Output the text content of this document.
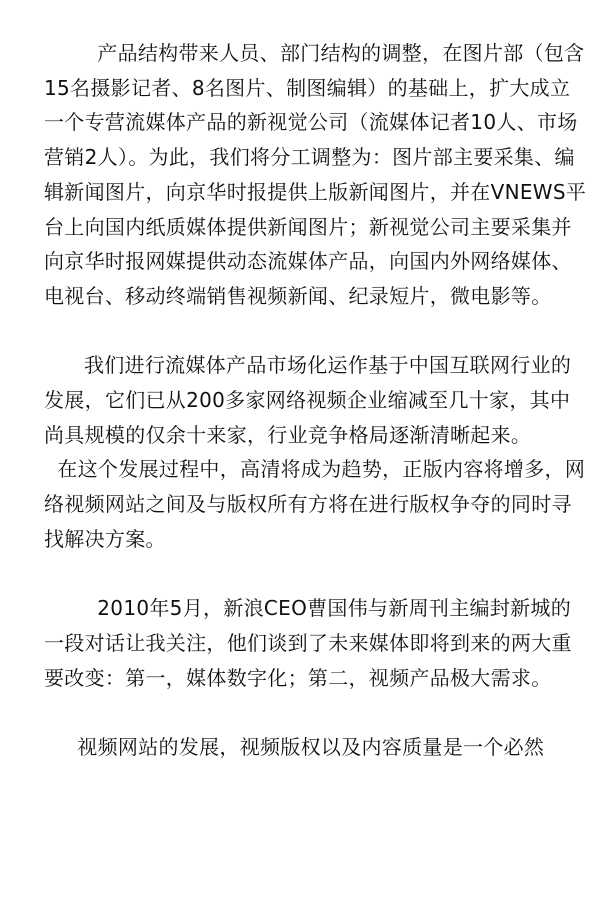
产品结构带来人员、部门结构的调整，在图片部（包含15名摄影记者、8名图片、制图编辑）的基础上，扩大成立一个专营流媒体产品的新视觉公司（流媒体记者10人、市场营销2人）。为此，我们将分工调整为：图片部主要采集、编辑新闻图片，向京华时报提供上版新闻图片，并在VNEWS平台上向国内纸质媒体提供新闻图片；新视觉公司主要采集并向京华时报网媒提供动态流媒体产品，向国内外网络媒体、电视台、移动终端销售视频新闻、纪录短片，微电影等。

我们进行流媒体产品市场化运作基于中国互联网行业的发展，它们已从200多家网络视频企业缩减至几十家，其中尚具规模的仅余十来家，行业竞争格局逐渐清晰起来。

在这个发展过程中，高清将成为趋势，正版内容将增多，网络视频网站之间及与版权所有方将在进行版权争夺的同时寻找解决方案。

2010年5月，新浪CEO曹国伟与新周刊主编封新城的一段对话让我关注，他们谈到了未来媒体即将到来的两大重要改变：第一，媒体数字化；第二，视频产品极大需求。

视频网站的发展，视频版权以及内容质量是一个必然
